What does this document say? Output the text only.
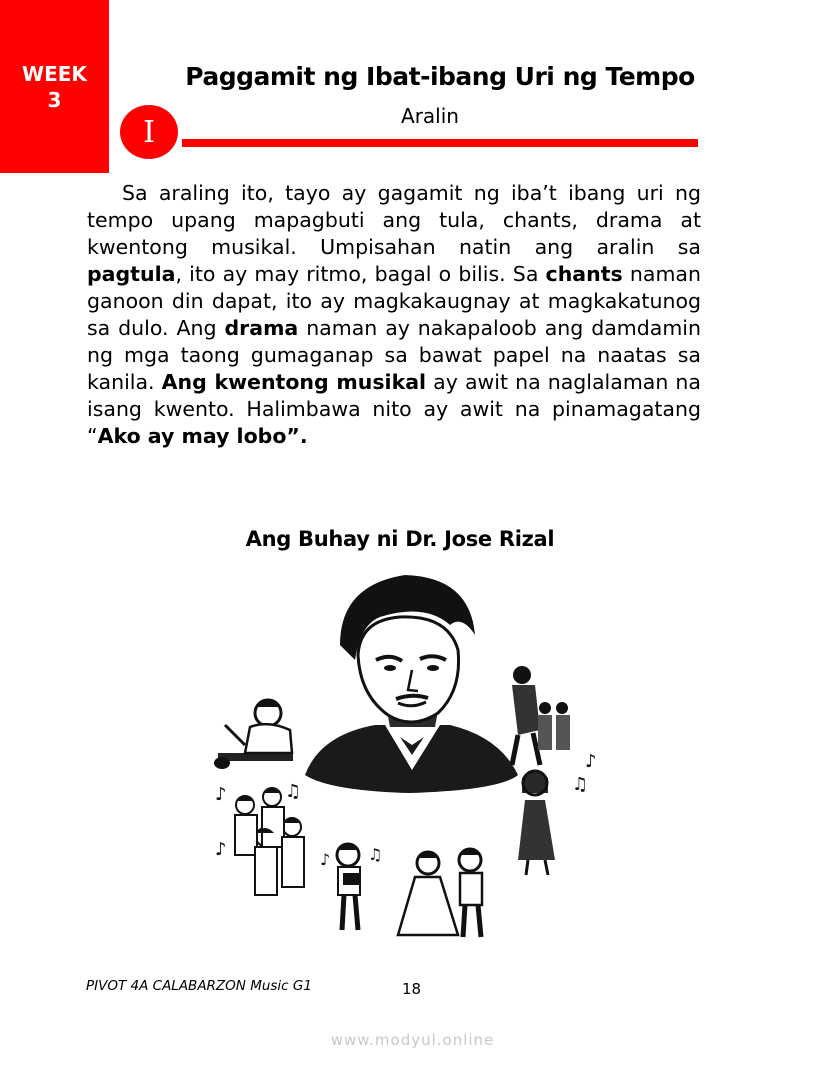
WEEK
3
Paggamit ng Ibat-ibang Uri ng Tempo
I	Aralin

Sa araling ito, tayo ay gagamit ng iba’t ibang uri ng tempo upang mapagbuti ang tula, chants, drama at kwentong musikal. Umpisahan natin ang aralin sa pagtula, ito ay may ritmo, bagal o bilis. Sa chants naman ganoon din dapat, ito ay magkakaugnay at magkakatunog sa dulo. Ang drama naman ay nakapaloob ang damdamin ng mga taong gumaganap sa bawat papel na naatas sa kanila. Ang kwentong musikal ay awit na naglalaman na isang kwento. Halimbawa nito ay awit na pinamagatang “Ako ay may lobo”.

Ang Buhay ni Dr. Jose Rizal
♪
♫
♪	♫
♪	♪ ♫
PIVOT 4A CALABARZON Music G1	18
www.modyul.online
